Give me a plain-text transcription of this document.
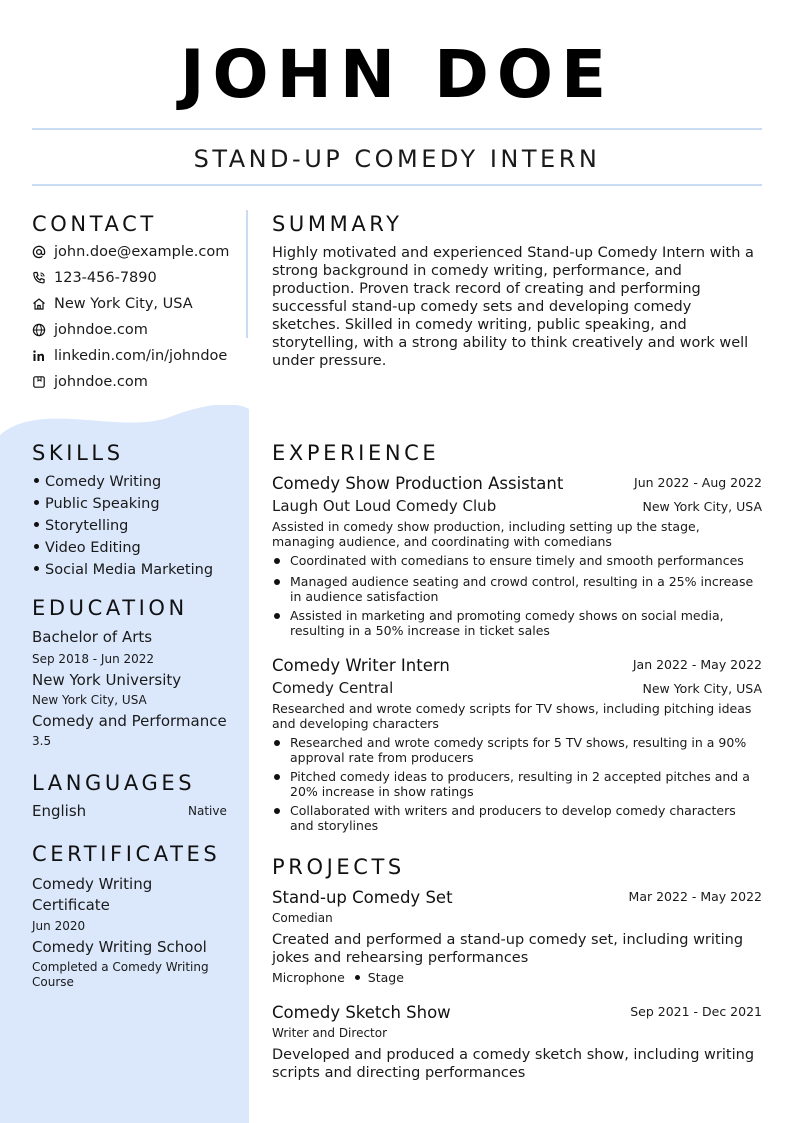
JOHN DOE
STAND-UP COMEDY INTERN
CONTACT
john.doe@example.com
123-456-7890
New York City, USA
johndoe.com
linkedin.com/in/johndoe
johndoe.com
SKILLS
Comedy Writing
Public Speaking
Storytelling
Video Editing
Social Media Marketing
EDUCATION
Bachelor of Arts
Sep 2018 - Jun 2022
New York University
New York City, USA
Comedy and Performance
3.5
LANGUAGES
English	Native
CERTIFICATES
Comedy Writing
Certificate
Jun 2020
Comedy Writing School
Completed a Comedy Writing
Course
SUMMARY
Highly motivated and experienced Stand-up Comedy Intern with a strong background in comedy writing, performance, and production. Proven track record of creating and performing successful stand-up comedy sets and developing comedy sketches. Skilled in comedy writing, public speaking, and storytelling, with a strong ability to think creatively and work well under pressure.
EXPERIENCE
Comedy Show Production Assistant	Jun 2022 - Aug 2022
Laugh Out Loud Comedy Club	New York City, USA
Assisted in comedy show production, including setting up the stage, managing audience, and coordinating with comedians
Coordinated with comedians to ensure timely and smooth performances
Managed audience seating and crowd control, resulting in a 25% increase in audience satisfaction
Assisted in marketing and promoting comedy shows on social media, resulting in a 50% increase in ticket sales
Comedy Writer Intern	Jan 2022 - May 2022
Comedy Central	New York City, USA
Researched and wrote comedy scripts for TV shows, including pitching ideas and developing characters
Researched and wrote comedy scripts for 5 TV shows, resulting in a 90% approval rate from producers
Pitched comedy ideas to producers, resulting in 2 accepted pitches and a 20% increase in show ratings
Collaborated with writers and producers to develop comedy characters and storylines
PROJECTS
Stand-up Comedy Set	Mar 2022 - May 2022
Comedian
Created and performed a stand-up comedy set, including writing jokes and rehearsing performances
Microphone Stage
Comedy Sketch Show	Sep 2021 - Dec 2021
Writer and Director
Developed and produced a comedy sketch show, including writing scripts and directing performances
